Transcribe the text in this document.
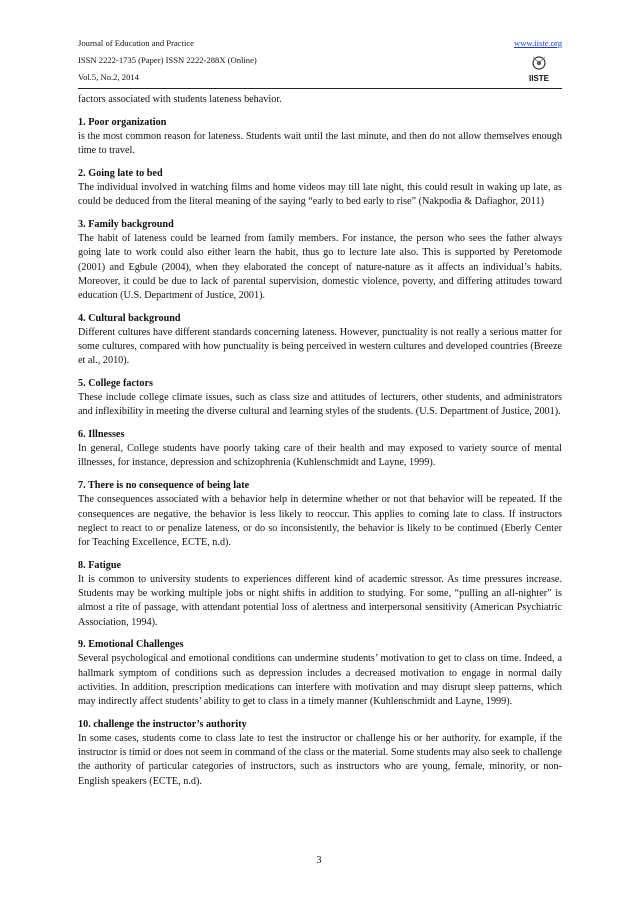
Journal of Education and Practice
ISSN 2222-1735 (Paper) ISSN 2222-288X (Online)
Vol.5, No.2, 2014
www.iiste.org
IISTE

factors associated with students lateness behavior.

1. Poor organization

is the most common reason for lateness. Students wait until the last minute, and then do not allow themselves enough time to travel.

2. Going late to bed

The individual involved in watching films and home videos may till late night, this could result in waking up late, as could be deduced from the literal meaning of the saying “early to bed early to rise” (Nakpodia & Dafiaghor, 2011)

3. Family background

The habit of lateness could be learned from family members. For instance, the person who sees the father always going late to work could also either learn the habit, thus go to lecture late also. This is supported by Peretomode (2001) and Egbule (2004), when they elaborated the concept of nature-nature as it affects an individual’s habits. Moreover, it could be due to lack of parental supervision, domestic violence, poverty, and differing attitudes toward education (U.S. Department of Justice, 2001).

4. Cultural background

Different cultures have different standards concerning lateness. However, punctuality is not really a serious matter for some cultures, compared with how punctuality is being perceived in western cultures and developed countries (Breeze et al., 2010).

5. College factors

These include college climate issues, such as class size and attitudes of lecturers, other students, and administrators and inflexibility in meeting the diverse cultural and learning styles of the students. (U.S. Department of Justice, 2001).

6. Illnesses

In general, College students have poorly taking care of their health and may exposed to variety source of mental illnesses, for instance, depression and schizophrenia (Kuhlenschmidt and Layne, 1999).

7. There is no consequence of being late

The consequences associated with a behavior help in determine whether or not that behavior will be repeated. If the consequences are negative, the behavior is less likely to reoccur. This applies to coming late to class. If instructors neglect to react to or penalize lateness, or do so inconsistently, the behavior is likely to be continued (Eberly Center for Teaching Excellence, ECTE, n.d).

8. Fatigue

It is common to university students to experiences different kind of academic stressor. As time pressures increase. Students may be working multiple jobs or night shifts in addition to studying. For some, “pulling an all-nighter” is almost a rite of passage, with attendant potential loss of alertness and interpersonal sensitivity (American Psychiatric Association, 1994).

9. Emotional Challenges

Several psychological and emotional conditions can undermine students’ motivation to get to class on time. Indeed, a hallmark symptom of conditions such as depression includes a decreased motivation to engage in normal daily activities. In addition, prescription medications can interfere with motivation and may disrupt sleep patterns, which may indirectly affect students’ ability to get to class in a timely manner (Kuhlenschmidt and Layne, 1999).

10. challenge the instructor’s authority

In some cases, students come to class late to test the instructor or challenge his or her authority. for example, if the instructor is timid or does not seem in command of the class or the material. Some students may also seek to challenge the authority of particular categories of instructors, such as instructors who are young, female, minority, or non-English speakers (ECTE, n.d).

3
